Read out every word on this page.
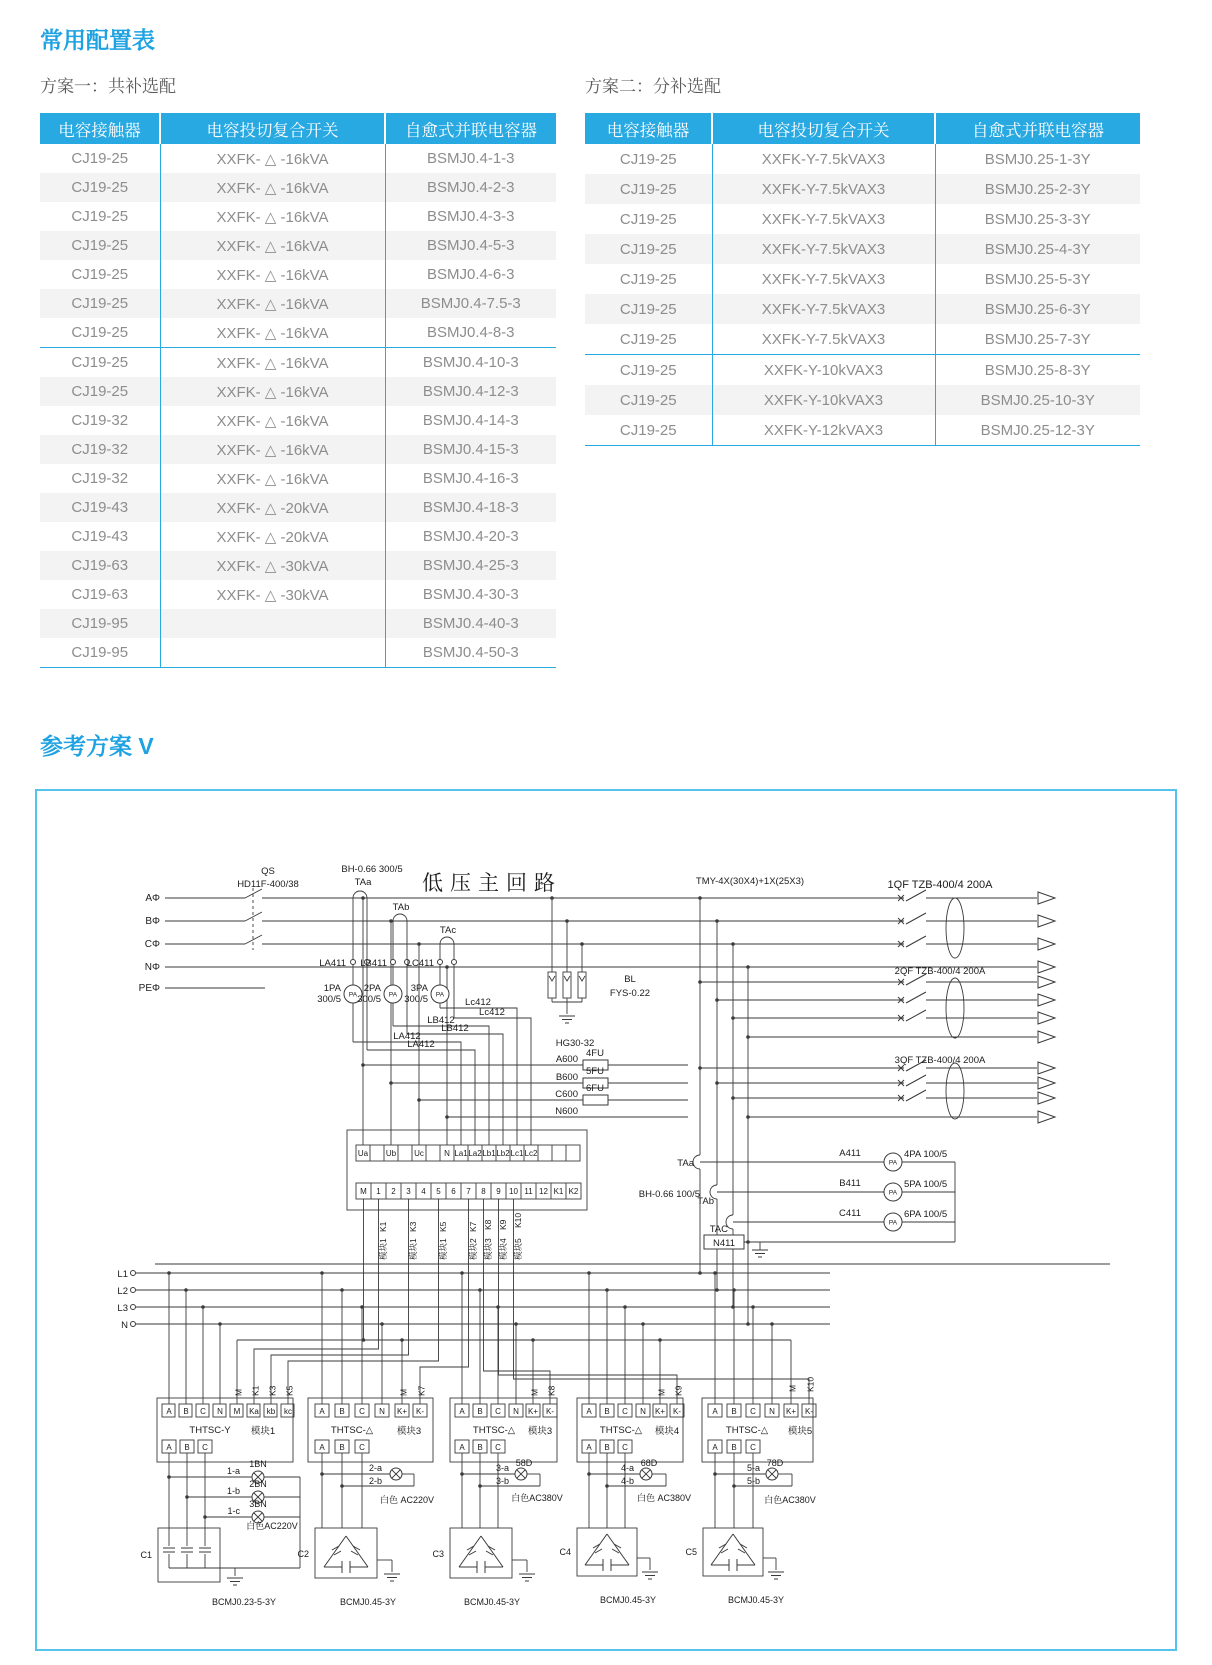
常用配置表
方案一：共补选配	方案二：分补选配
电容接触器	电容投切复合开关	自愈式并联电容器
CJ19-25	XXFK- △ -16kVA	BSMJ0.4-1-3
CJ19-25	XXFK- △ -16kVA	BSMJ0.4-2-3
CJ19-25	XXFK- △ -16kVA	BSMJ0.4-3-3
CJ19-25	XXFK- △ -16kVA	BSMJ0.4-5-3
CJ19-25	XXFK- △ -16kVA	BSMJ0.4-6-3
CJ19-25	XXFK- △ -16kVA	BSMJ0.4-7.5-3
CJ19-25	XXFK- △ -16kVA	BSMJ0.4-8-3
CJ19-25	XXFK- △ -16kVA	BSMJ0.4-10-3
CJ19-25	XXFK- △ -16kVA	BSMJ0.4-12-3
CJ19-32	XXFK- △ -16kVA	BSMJ0.4-14-3
CJ19-32	XXFK- △ -16kVA	BSMJ0.4-15-3
CJ19-32	XXFK- △ -16kVA	BSMJ0.4-16-3
CJ19-43	XXFK- △ -20kVA	BSMJ0.4-18-3
CJ19-43	XXFK- △ -20kVA	BSMJ0.4-20-3
CJ19-63	XXFK- △ -30kVA	BSMJ0.4-25-3
CJ19-63	XXFK- △ -30kVA	BSMJ0.4-30-3
CJ19-95		BSMJ0.4-40-3
CJ19-95		BSMJ0.4-50-3
电容接触器	电容投切复合开关	自愈式并联电容器
CJ19-25	XXFK-Y-7.5kVAX3	BSMJ0.25-1-3Y
CJ19-25	XXFK-Y-7.5kVAX3	BSMJ0.25-2-3Y
CJ19-25	XXFK-Y-7.5kVAX3	BSMJ0.25-3-3Y
CJ19-25	XXFK-Y-7.5kVAX3	BSMJ0.25-4-3Y
CJ19-25	XXFK-Y-7.5kVAX3	BSMJ0.25-5-3Y
CJ19-25	XXFK-Y-7.5kVAX3	BSMJ0.25-6-3Y
CJ19-25	XXFK-Y-7.5kVAX3	BSMJ0.25-7-3Y
CJ19-25	XXFK-Y-10kVAX3	BSMJ0.25-8-3Y
CJ19-25	XXFK-Y-10kVAX3	BSMJ0.25-10-3Y
CJ19-25	XXFK-Y-12kVAX3	BSMJ0.25-12-3Y
参考方案 V
AΦ
BΦ
CΦ
NΦ
PEΦ
QS
HD11F-400/38
BH-0.66 300/5
TAa
TAb
TAc
TMY-4X(30X4)+1X(25X3)	1QF TZB-400/4 200A
2QF TZB-400/4 200A
3QF TZB-400/4 200A
LA411 LB411 LC411
1PA
300/5
2PA
300/5
3PA
300/5	Lc412
Lc412
LB412
LB412
LA412
LA412	HG30-32
A600
4FU
B600
5FU
C600
6FU
N600
BL
FYS-0.22
TAa
BH-0.66 100/5
TAb
TAC
N411
A411	4PA 100/5
B411	5PA 100/5
C411	6PA 100/5
L1
L2
L3
N
低压主回路
PA	PA	PA
PA
PA
PA
Ua Ub Uc	N La1 La2 Lb1 Lb2 Lc1 Lc2
M 1 2 3 4 5 6 7 8 9 10 11 12 K1 K2
K1 K3 K5 K7 K8 K9 K10
模块1 模块1 模块1 模块2 模块3 模块4 模块5
M K1 K3 K5	M K7	M K8	M K9	M K10
A B C N M Ka kb kc
A B C
A B C N K+ K-
A B C
A B C N K+ K-
A B C
A B C N K+ K-
A B C
A B C N K+ K-
A B C
THTSC-Y 模块1	THTSC-△	模块3	THTSC-△ 模块3	THTSC-△ 模块4	THTSC-△ 模块5
1-a
1BN
1-b
2BN
1-c
3BN
白色AC220V
2-a
2-b
白色 AC220V
3-a 58D
3-b
白色AC380V
4-a 68D
4-b
白色 AC380V
5-a 78D
5-b
白色AC380V
C1	C2	C3	C4	C5
BCMJ0.23-5-3Y	BCMJ0.45-3Y	BCMJ0.45-3Y	BCMJ0.45-3Y	BCMJ0.45-3Y
